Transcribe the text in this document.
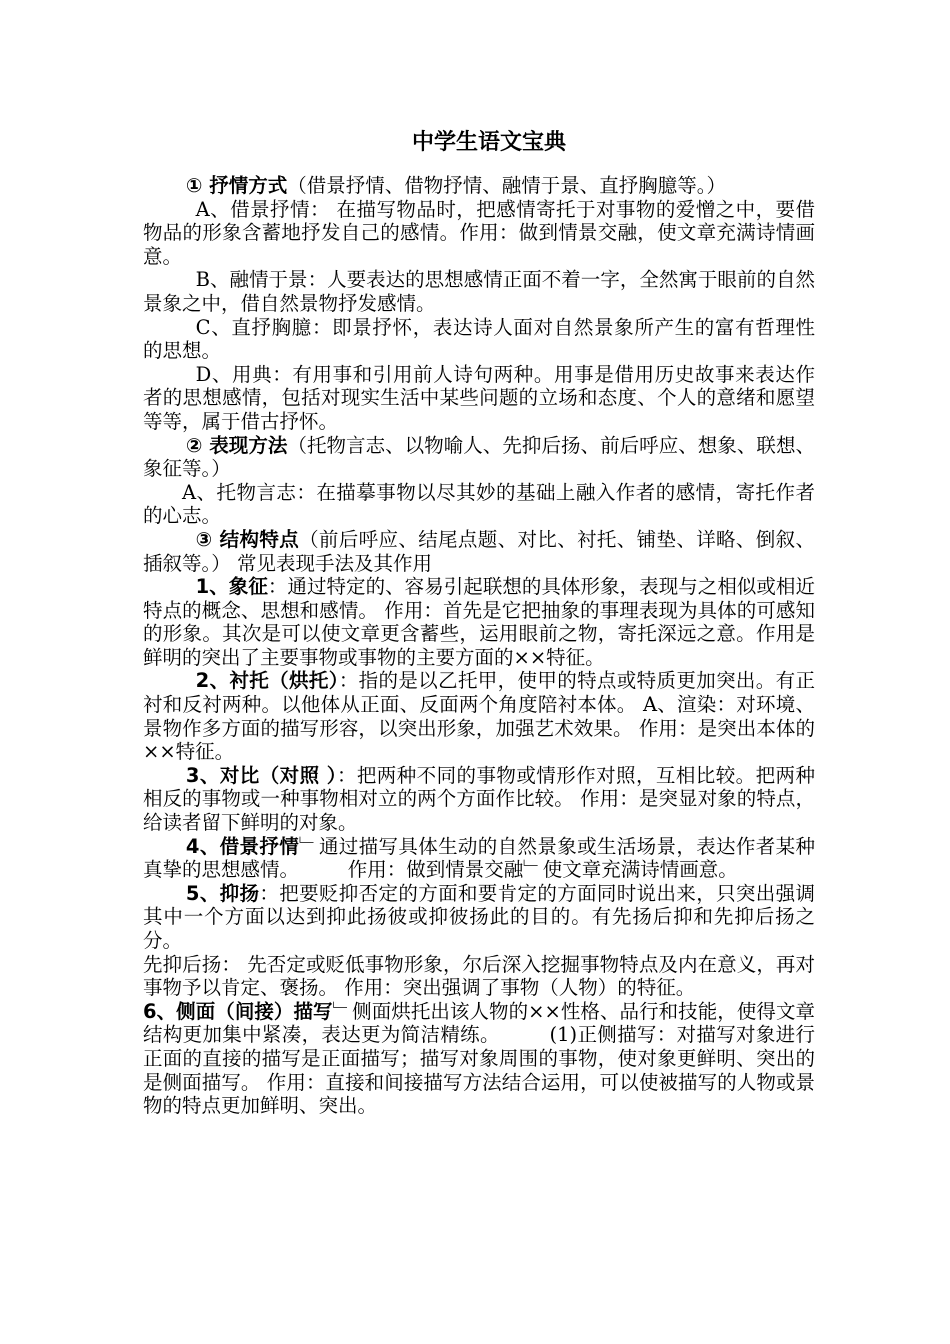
中学生语文宝典

① 抒情方式（借景抒情、借物抒情、融情于景、直抒胸臆等。）

A、借景抒情： 在描写物品时，把感情寄托于对事物的爱憎之中，要借物品的形象含蓄地抒发自己的感情。作用：做到情景交融，使文章充满诗情画意。

B、融情于景：人要表达的思想感情正面不着一字，全然寓于眼前的自然景象之中，借自然景物抒发感情。

C、直抒胸臆：即景抒怀，表达诗人面对自然景象所产生的富有哲理性的思想。

D、用典：有用事和引用前人诗句两种。用事是借用历史故事来表达作者的思想感情，包括对现实生活中某些问题的立场和态度、个人的意绪和愿望等等，属于借古抒怀。

② 表现方法（托物言志、以物喻人、先抑后扬、前后呼应、想象、联想、象征等。）

A、托物言志：在描摹事物以尽其妙的基础上融入作者的感情，寄托作者的心志。

③ 结构特点（前后呼应、结尾点题、对比、衬托、铺垫、详略、倒叙、插叙等。） 常见表现手法及其作用

1、象征：通过特定的、容易引起联想的具体形象，表现与之相似或相近特点的概念、思想和感情。 作用：首先是它把抽象的事理表现为具体的可感知的形象。其次是可以使文章更含蓄些，运用眼前之物，寄托深远之意。作用是鲜明的突出了主要事物或事物的主要方面的××特征。

2、衬托（烘托）：指的是以乙托甲，使甲的特点或特质更加突出。有正衬和反衬两种。以他体从正面、反面两个角度陪衬本体。 A、渲染：对环境、景物作多方面的描写形容，以突出形象，加强艺术效果。 作用：是突出本体的××特征。

3、对比（对照 ）：把两种不同的事物或情形作对照，互相比较。把两种相反的事物或一种事物相对立的两个方面作比较。 作用：是突显对象的特点，给读者留下鲜明的对象。

4、借景抒情﹂通过描写具体生动的自然景象或生活场景，表达作者某种真挚的思想感情。　　　作用：做到情景交融﹂使文章充满诗情画意。

5、抑扬：把要贬抑否定的方面和要肯定的方面同时说出来，只突出强调其中一个方面以达到抑此扬彼或抑彼扬此的目的。有先扬后抑和先抑后扬之分。

先抑后扬： 先否定或贬低事物形象，尔后深入挖掘事物特点及内在意义，再对事物予以肯定、褒扬。 作用：突出强调了事物（人物）的特征。

6、侧面（间接）描写﹂侧面烘托出该人物的××性格、品行和技能，使得文章结构更加集中紧凑，表达更为简洁精练。　　　(1)正侧描写：对描写对象进行正面的直接的描写是正面描写；描写对象周围的事物，使对象更鲜明、突出的是侧面描写。 作用：直接和间接描写方法结合运用，可以使被描写的人物或景物的特点更加鲜明、突出。
